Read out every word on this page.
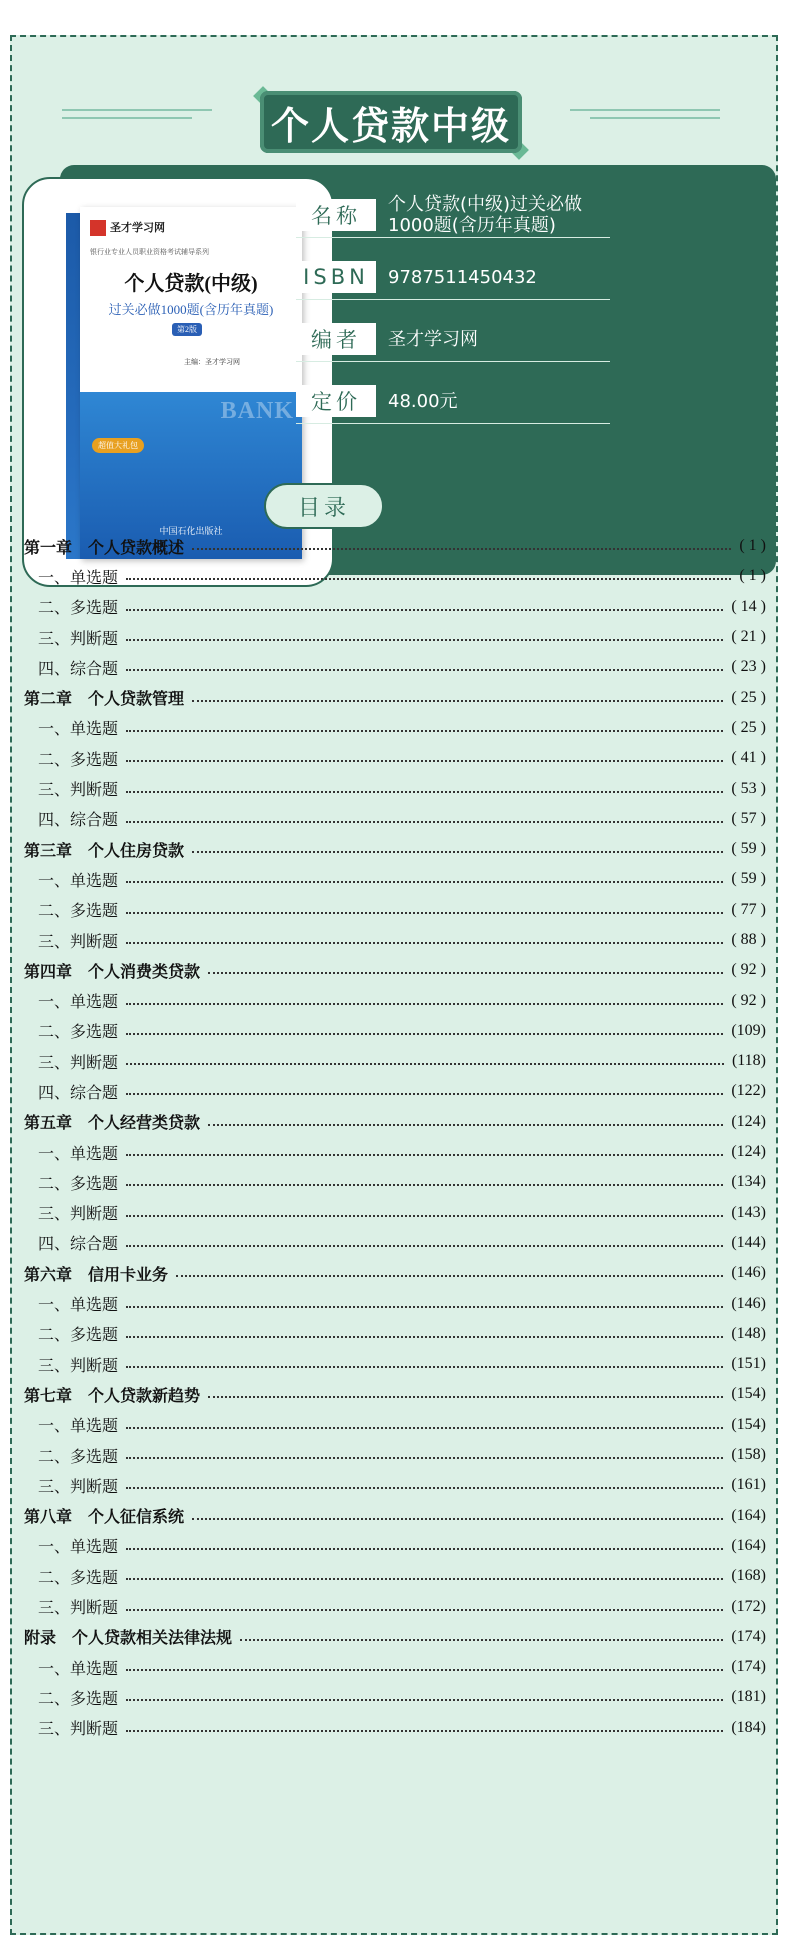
个人贷款中级
圣才学习网
银行业专业人员职业资格考试辅导系列
个人贷款(中级)
过关必做1000题(含历年真题)
第2版
主编：圣才学习网
BANK
超值大礼包
中国石化出版社
名称	个人贷款(中级)过关必做1000题(含历年真题)
ISBN	9787511450432
编者	圣才学习网
定价	48.00元
目录
第一章　个人贷款概述	( 1 )
一、单选题	( 1 )
二、多选题	( 14 )
三、判断题	( 21 )
四、综合题	( 23 )
第二章　个人贷款管理	( 25 )
一、单选题	( 25 )
二、多选题	( 41 )
三、判断题	( 53 )
四、综合题	( 57 )
第三章　个人住房贷款	( 59 )
一、单选题	( 59 )
二、多选题	( 77 )
三、判断题	( 88 )
第四章　个人消费类贷款	( 92 )
一、单选题	( 92 )
二、多选题	(109)
三、判断题	(118)
四、综合题	(122)
第五章　个人经营类贷款	(124)
一、单选题	(124)
二、多选题	(134)
三、判断题	(143)
四、综合题	(144)
第六章　信用卡业务	(146)
一、单选题	(146)
二、多选题	(148)
三、判断题	(151)
第七章　个人贷款新趋势	(154)
一、单选题	(154)
二、多选题	(158)
三、判断题	(161)
第八章　个人征信系统	(164)
一、单选题	(164)
二、多选题	(168)
三、判断题	(172)
附录　个人贷款相关法律法规	(174)
一、单选题	(174)
二、多选题	(181)
三、判断题	(184)
